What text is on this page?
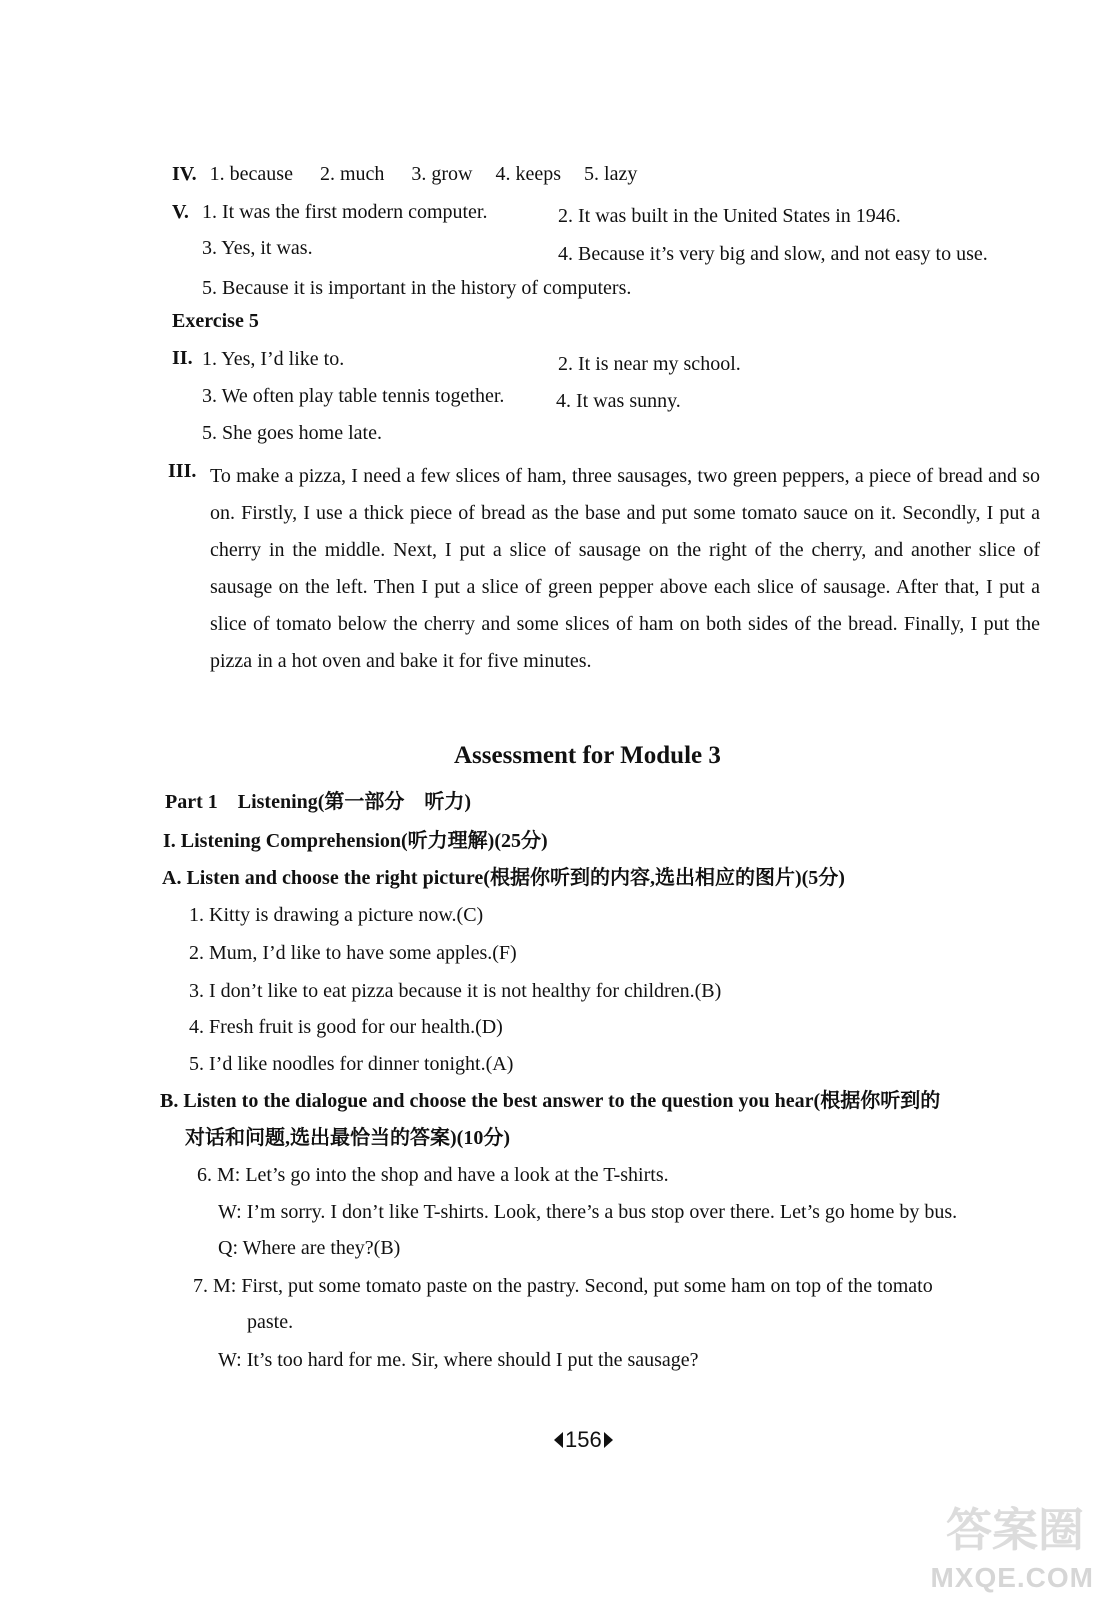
IV. 1. because 2. much 3. grow 4. keeps 5. lazy
V. 1. It was the first modern computer.	2. It was built in the United States in 1946.
3. Yes, it was.	4. Because it’s very big and slow, and not easy to use.
5. Because it is important in the history of computers.
Exercise 5
II. 1. Yes, I’d like to.	2. It is near my school.
3. We often play table tennis together.	4. It was sunny.
5. She goes home late.
III. To make a pizza, I need a few slices of ham, three sausages, two green peppers, a piece of bread and so on. Firstly, I use a thick piece of bread as the base and put some tomato sauce on it. Secondly, I put a cherry in the middle. Next, I put a slice of sausage on the right of the cherry, and another slice of sausage on the left. Then I put a slice of green pepper above each slice of sausage. After that, I put a slice of tomato below the cherry and some slices of ham on both sides of the bread. Finally, I put the pizza in a hot oven and bake it for five minutes.
Assessment for Module 3
Part 1    Listening(第一部分    听力)
I. Listening Comprehension(听力理解)(25分)
A. Listen and choose the right picture(根据你听到的内容,选出相应的图片)(5分)
1. Kitty is drawing a picture now.(C)
2. Mum, I’d like to have some apples.(F)
3. I don’t like to eat pizza because it is not healthy for children.(B)
4. Fresh fruit is good for our health.(D)
5. I’d like noodles for dinner tonight.(A)
B. Listen to the dialogue and choose the best answer to the question you hear(根据你听到的
对话和问题,选出最恰当的答案)(10分)
6. M: Let’s go into the shop and have a look at the T-shirts.
W: I’m sorry. I don’t like T-shirts. Look, there’s a bus stop over there. Let’s go home by bus.
Q: Where are they?(B)
7. M: First, put some tomato paste on the pastry. Second, put some ham on top of the tomato
paste.
W: It’s too hard for me. Sir, where should I put the sausage?
156
答案圈
MXQE.COM
